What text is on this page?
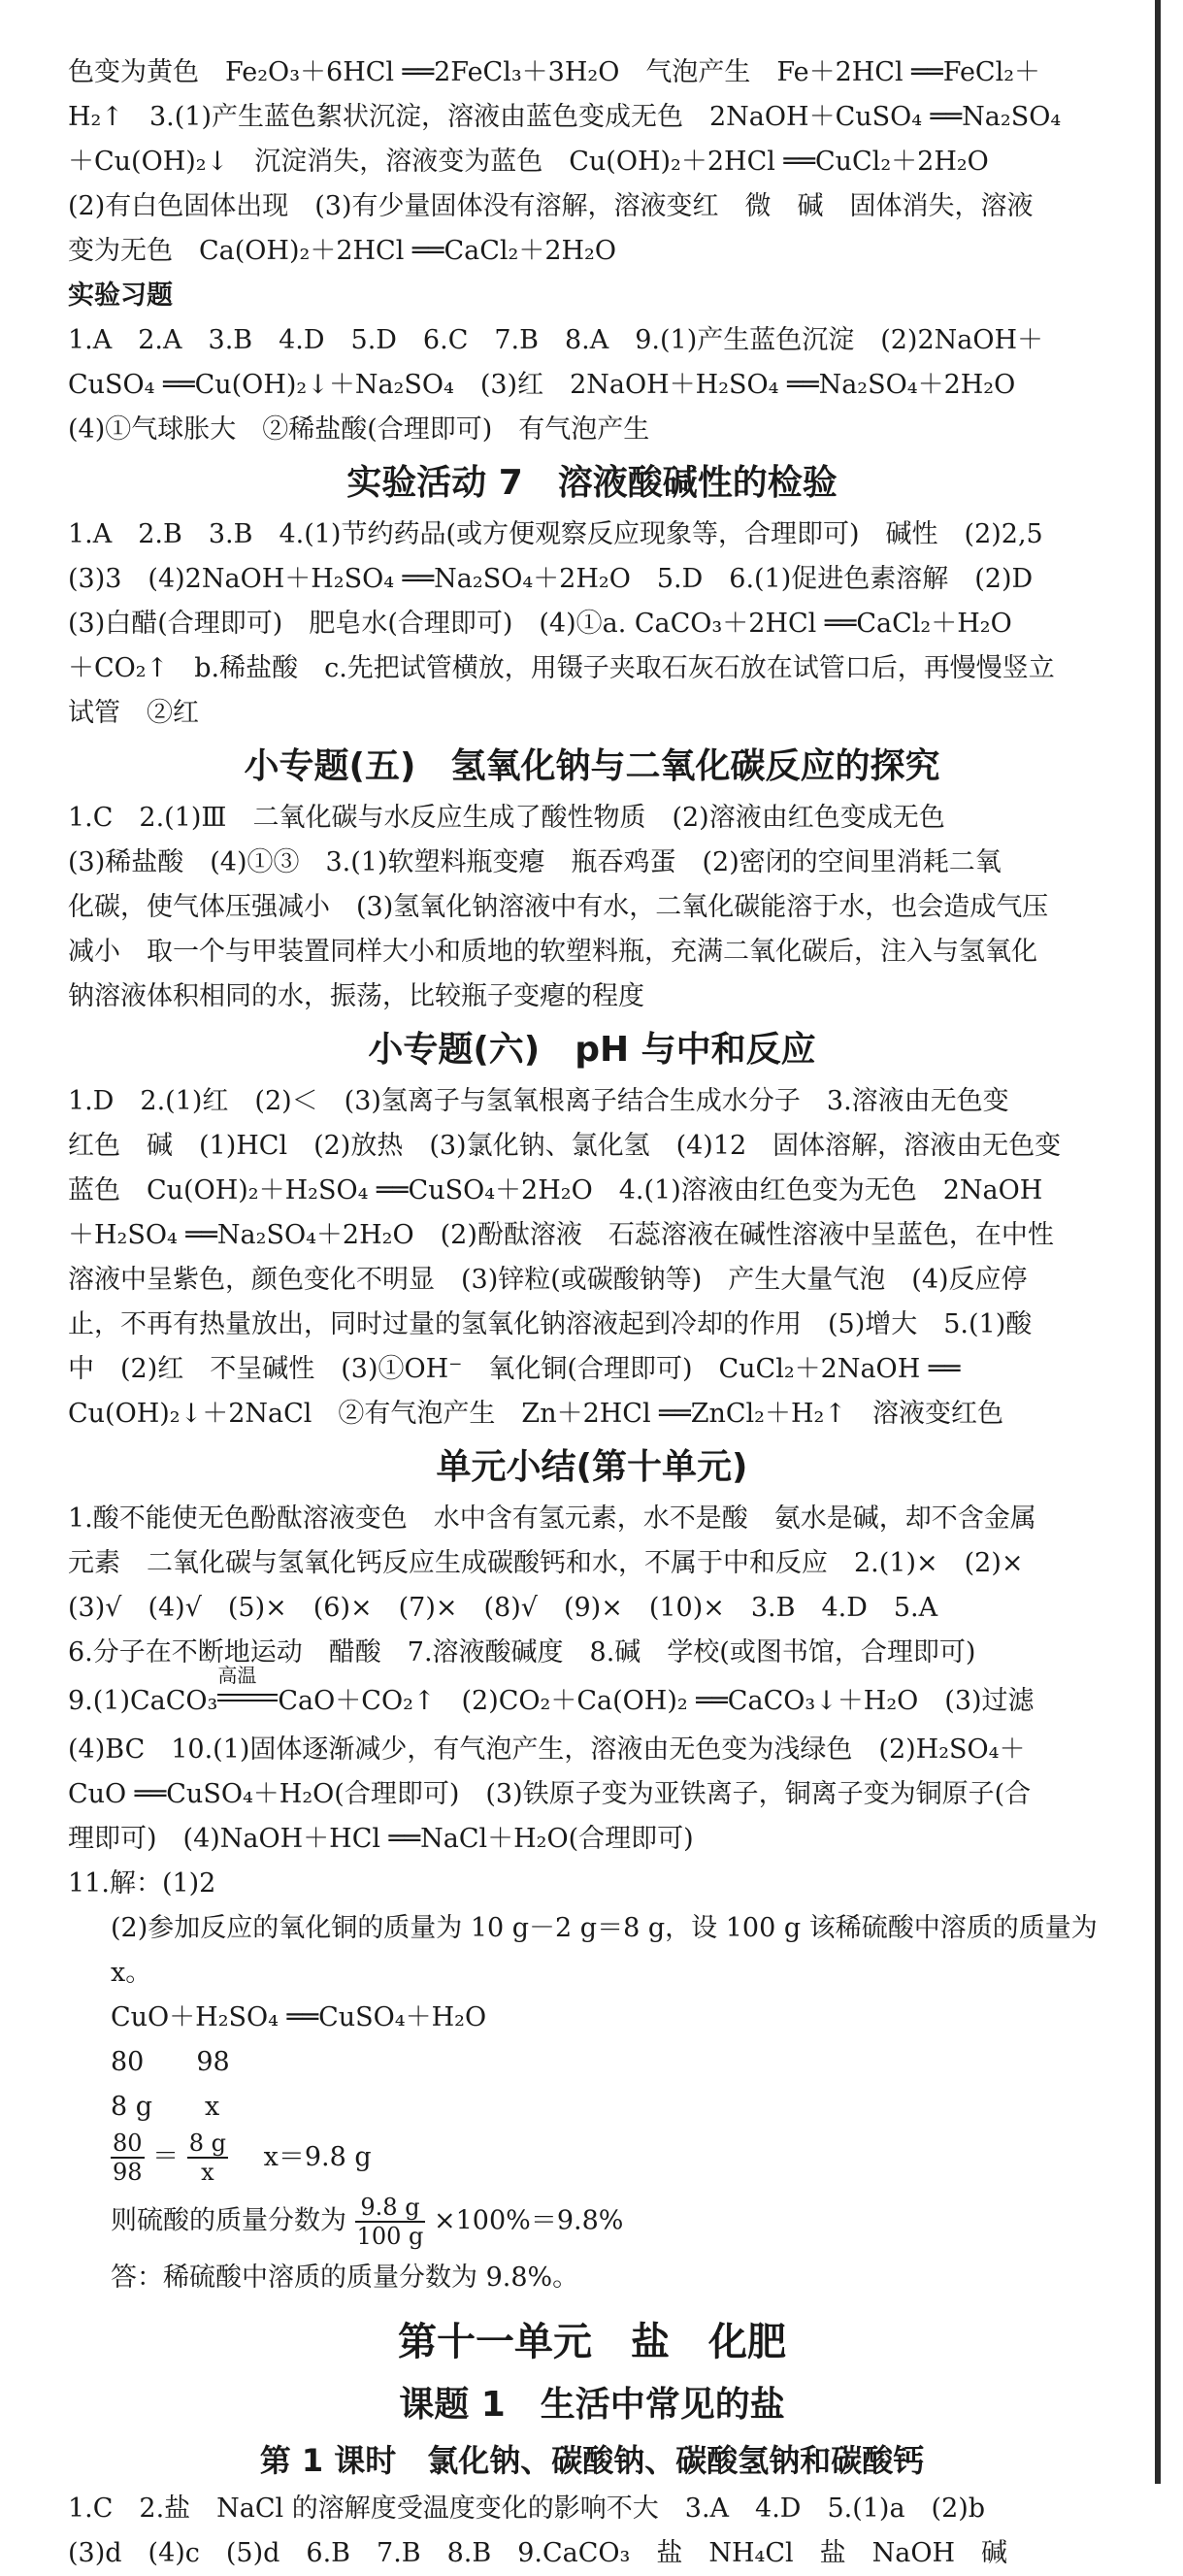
色变为黄色　Fe₂O₃＋6HCl ══2FeCl₃＋3H₂O　气泡产生　Fe＋2HCl ══FeCl₂＋

H₂↑　3.(1)产生蓝色絮状沉淀，溶液由蓝色变成无色　2NaOH＋CuSO₄ ══Na₂SO₄

＋Cu(OH)₂↓　沉淀消失，溶液变为蓝色　Cu(OH)₂＋2HCl ══CuCl₂＋2H₂O

(2)有白色固体出现　(3)有少量固体没有溶解，溶液变红　微　碱　固体消失，溶液

变为无色　Ca(OH)₂＋2HCl ══CaCl₂＋2H₂O

实验习题

1.A　2.A　3.B　4.D　5.D　6.C　7.B　8.A　9.(1)产生蓝色沉淀　(2)2NaOH＋

CuSO₄ ══Cu(OH)₂↓＋Na₂SO₄　(3)红　2NaOH＋H₂SO₄ ══Na₂SO₄＋2H₂O

(4)①气球胀大　②稀盐酸(合理即可)　有气泡产生

实验活动 7　溶液酸碱性的检验

1.A　2.B　3.B　4.(1)节约药品(或方便观察反应现象等，合理即可)　碱性　(2)2,5

(3)3　(4)2NaOH＋H₂SO₄ ══Na₂SO₄＋2H₂O　5.D　6.(1)促进色素溶解　(2)D

(3)白醋(合理即可)　肥皂水(合理即可)　(4)①a. CaCO₃＋2HCl ══CaCl₂＋H₂O

＋CO₂↑　b.稀盐酸　c.先把试管横放，用镊子夹取石灰石放在试管口后，再慢慢竖立

试管　②红

小专题(五)　氢氧化钠与二氧化碳反应的探究

1.C　2.(1)Ⅲ　二氧化碳与水反应生成了酸性物质　(2)溶液由红色变成无色

(3)稀盐酸　(4)①③　3.(1)软塑料瓶变瘪　瓶吞鸡蛋　(2)密闭的空间里消耗二氧

化碳，使气体压强减小　(3)氢氧化钠溶液中有水，二氧化碳能溶于水，也会造成气压

减小　取一个与甲装置同样大小和质地的软塑料瓶，充满二氧化碳后，注入与氢氧化

钠溶液体积相同的水，振荡，比较瓶子变瘪的程度

小专题(六)　pH 与中和反应

1.D　2.(1)红　(2)＜　(3)氢离子与氢氧根离子结合生成水分子　3.溶液由无色变

红色　碱　(1)HCl　(2)放热　(3)氯化钠、氯化氢　(4)12　固体溶解，溶液由无色变

蓝色　Cu(OH)₂＋H₂SO₄ ══CuSO₄＋2H₂O　4.(1)溶液由红色变为无色　2NaOH

＋H₂SO₄ ══Na₂SO₄＋2H₂O　(2)酚酞溶液　石蕊溶液在碱性溶液中呈蓝色，在中性

溶液中呈紫色，颜色变化不明显　(3)锌粒(或碳酸钠等)　产生大量气泡　(4)反应停

止，不再有热量放出，同时过量的氢氧化钠溶液起到冷却的作用　(5)增大　5.(1)酸

中　(2)红　不呈碱性　(3)①OH⁻　氧化铜(合理即可)　CuCl₂＋2NaOH ══

Cu(OH)₂↓＋2NaCl　②有气泡产生　Zn＋2HCl ══ZnCl₂＋H₂↑　溶液变红色

单元小结(第十单元)

1.酸不能使无色酚酞溶液变色　水中含有氢元素，水不是酸　氨水是碱，却不含金属

元素　二氧化碳与氢氧化钙反应生成碳酸钙和水，不属于中和反应　2.(1)×　(2)×

(3)√　(4)√　(5)×　(6)×　(7)×　(8)√　(9)×　(10)×　3.B　4.D　5.A

6.分子在不断地运动　醋酸　7.溶液酸碱度　8.碱　学校(或图书馆，合理即可)

9.(1)CaCO₃
高温
CaO＋CO₂↑　(2)CO₂＋Ca(OH)₂ ══CaCO₃↓＋H₂O　(3)过滤

(4)BC　10.(1)固体逐渐减少，有气泡产生，溶液由无色变为浅绿色　(2)H₂SO₄＋

CuO ══CuSO₄＋H₂O(合理即可)　(3)铁原子变为亚铁离子，铜离子变为铜原子(合

理即可)　(4)NaOH＋HCl ══NaCl＋H₂O(合理即可)

11.解：(1)2

(2)参加反应的氧化铜的质量为 10 g－2 g＝8 g，设 100 g 该稀硫酸中溶质的质量为

x。

CuO＋H₂SO₄ ══CuSO₄＋H₂O

80　　98

8 g　　x

$\frac{80}{98} = \frac{8 g}{x} x=9.8$ g
则硫酸的质量分数为 $\frac{9.8 g}{100 g} \times 100\%=9.8\%$

答：稀硫酸中溶质的质量分数为 9.8%。

第十一单元　盐　化肥
课题 1　生活中常见的盐
第 1 课时　氯化钠、碳酸钠、碳酸氢钠和碳酸钙

1.C　2.盐　NaCl 的溶解度受温度变化的影响不大　3.A　4.D　5.(1)a　(2)b

(3)d　(4)c　(5)d　6.B　7.B　8.B　9.CaCO₃　盐　NH₄Cl　盐　NaOH　碱
